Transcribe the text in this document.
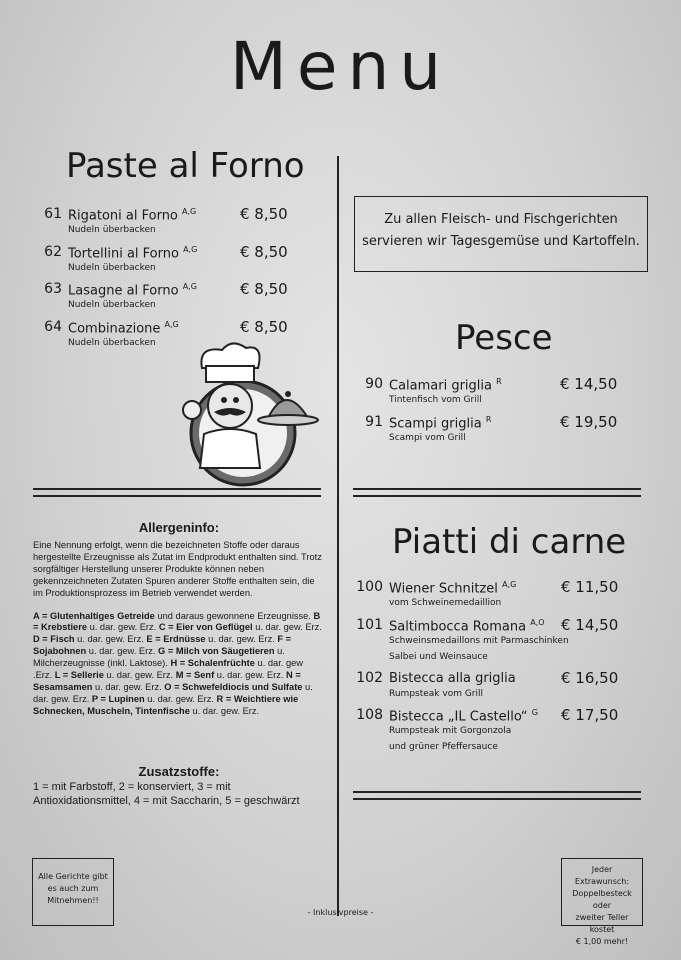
Menu
Paste al Forno
61 Rigatoni al Forno $^{A,G}$
Nudeln überbacken
€ 8,50
62 Tortellini al Forno $^{A,G}$
Nudeln überbacken
€ 8,50
63 Lasagne al Forno $^{A,G}$
Nudeln überbacken
€ 8,50
64 Combinazione $^{A,G}$
Nudeln überbacken
€ 8,50
Zu allen Fleisch- und Fischgerichten
servieren wir Tagesgemüse und Kartoffeln.
Pesce
90 Calamari griglia $^R$
Tintenfisch vom Grill
€ 14,50
91 Scampi griglia $^R$
Scampi vom Grill
€ 19,50
Piatti di carne
100 Wiener Schnitzel $^{A,G}$
vom Schweinemedaillion
€ 11,50
101 Saltimbocca Romana $^{A,O}$
Schweinsmedaillons mit Parmaschinken
Salbei und Weinsauce
€ 14,50
102 Bistecca alla griglia
Rumpsteak vom Grill
€ 16,50
108 Bistecca „IL Castello“ $^G$
Rumpsteak mit Gorgonzola
und grüner Pfeffersauce
€ 17,50
Allergeninfo:
Eine Nennung erfolgt, wenn die bezeichneten Stoffe oder daraus hergestellte Erzeugnisse als Zutat im Endprodukt enthalten sind. Trotz sorgfältiger Herstellung unserer Produkte können neben gekennzeichneten Zutaten Spuren anderer Stoffe enthalten sein, die im Produktionsprozess im Betrieb verwendet werden.
A = Glutenhaltiges Getreide und daraus gewonnene Erzeugnisse. B = Krebstiere u. dar. gew. Erz. C = Eier von Geflügel u. dar. gew. Erz. D = Fisch u. dar. gew. Erz. E = Erdnüsse u. dar. gew. Erz. F = Sojabohnen u. dar. gew. Erz. G = Milch von Säugetieren u. Milcherzeugnisse (inkl. Laktose). H = Schalenfrüchte u. dar. gew .Erz. L = Sellerie u. dar. gew. Erz. M = Senf u. dar. gew. Erz. N = Sesamsamen u. dar. gew. Erz. O = Schwefeldiocis und Sulfate u. dar. gew. Erz. P = Lupinen u. dar. gew. Erz. R = Weichtiere wie Schnecken, Muscheln, Tintenfische u. dar. gew. Erz.
Zusatzstoffe:
1 = mit Farbstoff, 2 = konserviert, 3 = mit Antioxidationsmittel, 4 = mit Saccharin, 5 = geschwärzt
Alle Gerichte gibt
es auch zum
Mitnehmen!!
Jeder Extrawunsch:
Doppelbesteck oder
zweiter Teller kostet
€ 1,00 mehr!
- Inklusivpreise -
